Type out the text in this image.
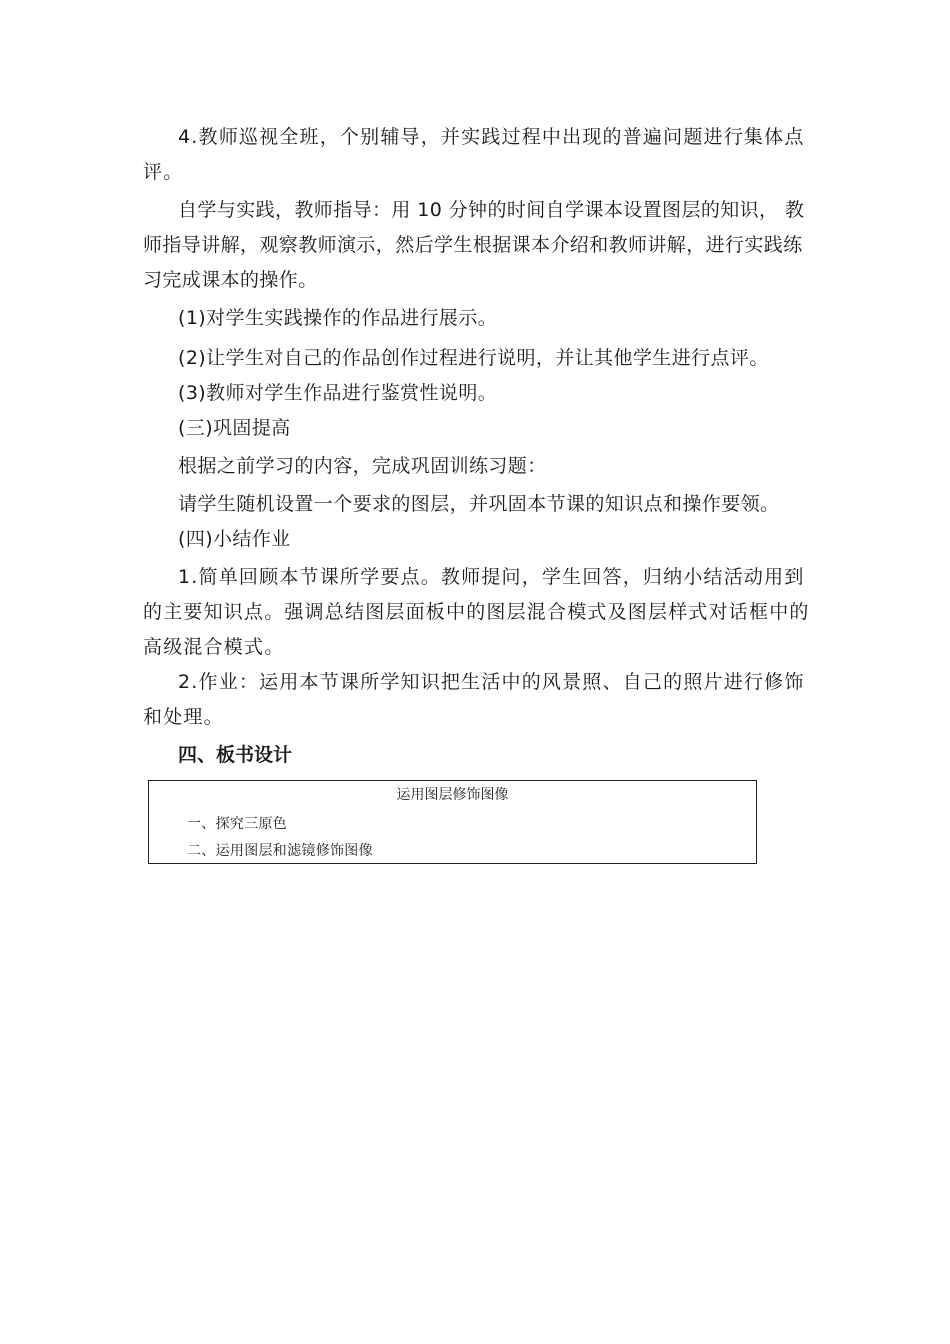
4.教师巡视全班，个别辅导，并实践过程中出现的普遍问题进行集体点评。

自学与实践，教师指导：用 10 分钟的时间自学课本设置图层的知识， 教师指导讲解，观察教师演示，然后学生根据课本介绍和教师讲解，进行实践练习完成课本的操作。

(1)对学生实践操作的作品进行展示。

(2)让学生对自己的作品创作过程进行说明，并让其他学生进行点评。

(3)教师对学生作品进行鉴赏性说明。

(三)巩固提高

根据之前学习的内容，完成巩固训练习题：

请学生随机设置一个要求的图层，并巩固本节课的知识点和操作要领。

(四)小结作业

1.简单回顾本节课所学要点。教师提问，学生回答，归纳小结活动用到的主要知识点。强调总结图层面板中的图层混合模式及图层样式对话框中的高级混合模式。

2.作业：运用本节课所学知识把生活中的风景照、自己的照片进行修饰和处理。

四、板书设计

运用图层修饰图像
一、探究三原色
二、运用图层和滤镜修饰图像
